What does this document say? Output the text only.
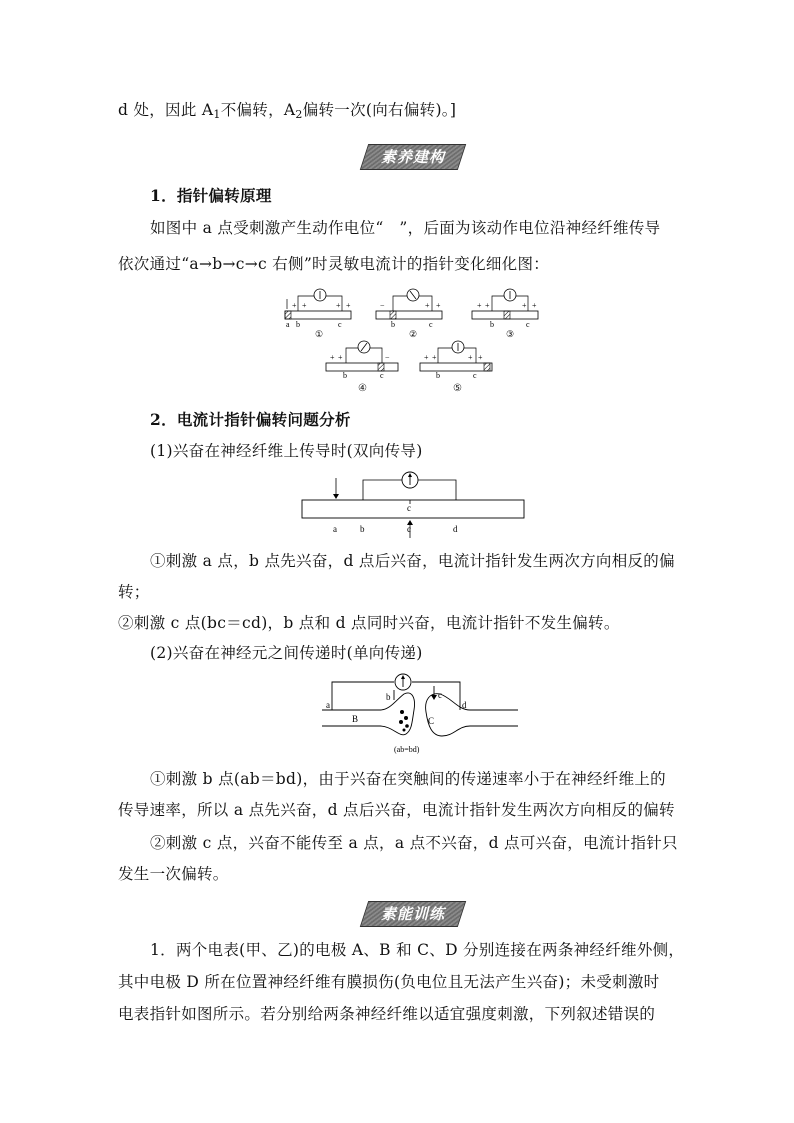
d 处，因此 $A_1$不偏转，$A_2$偏转一次(向右偏转)。]
素养建构
1．指针偏转原理
如图中 a 点受刺激产生动作电位“　”，后面为该动作电位沿神经纤维传导
依次通过“a→b→c→c 右侧”时灵敏电流计的指针变化细化图：
+ +	+ +
a b	c
①
−	+ +
b	c
②
+ +	+ +
b	c
③
+ +	−
b	c
+ +	+ +
b	c
④	⑤
2．电流计指针偏转问题分析
(1)兴奋在神经纤维上传导时(双向传导)
a	b
c
c	d
①刺激 a 点，b 点先兴奋，d 点后兴奋，电流计指针发生两次方向相反的偏
转；
②刺激 c 点(bc＝cd)，b 点和 d 点同时兴奋，电流计指针不发生偏转。
(2)兴奋在神经元之间传递时(单向传递)
a
b	c
d
B	C
(ab=bd)
①刺激 b 点(ab＝bd)，由于兴奋在突触间的传递速率小于在神经纤维上的
传导速率，所以 a 点先兴奋，d 点后兴奋，电流计指针发生两次方向相反的偏转
②刺激 c 点，兴奋不能传至 a 点，a 点不兴奋，d 点可兴奋，电流计指针只
发生一次偏转。
素能训练
1．两个电表(甲、乙)的电极 A、B 和 C、D 分别连接在两条神经纤维外侧，
其中电极 D 所在位置神经纤维有膜损伤(负电位且无法产生兴奋)；未受刺激时
电表指针如图所示。若分别给两条神经纤维以适宜强度刺激，下列叙述错误的
